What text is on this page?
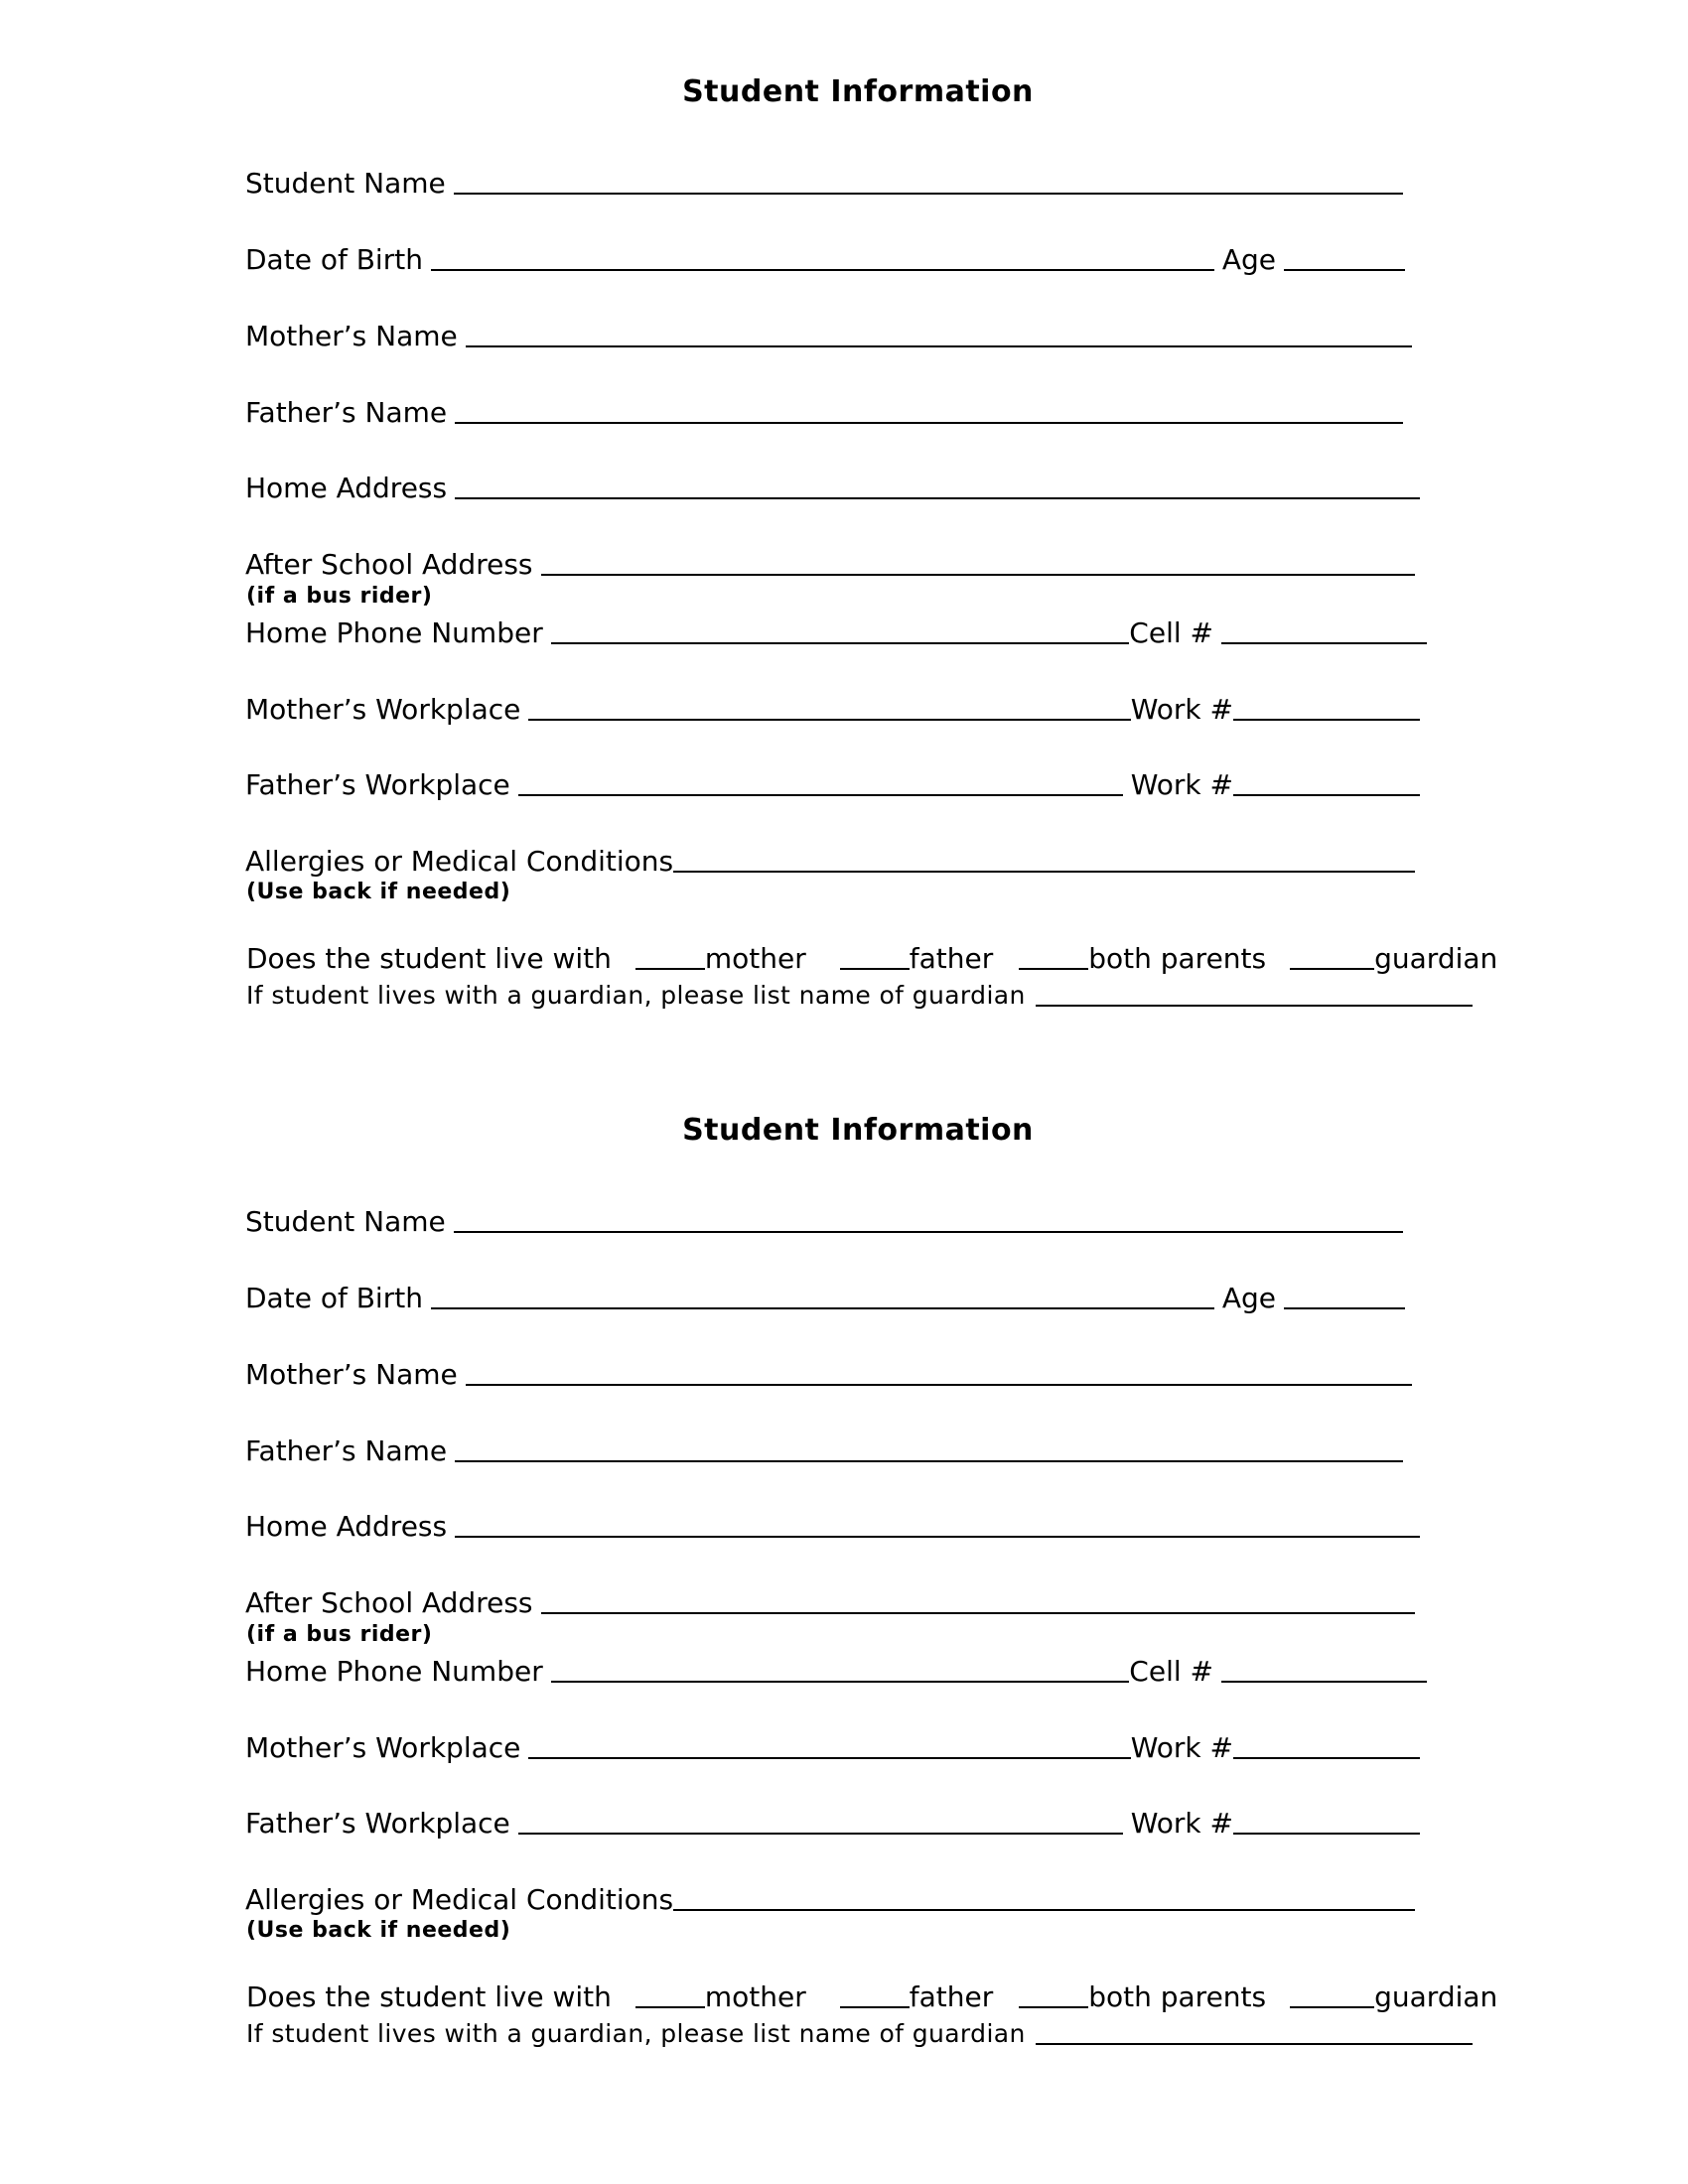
Student Information
Student Name
Date of Birth	Age
Mother’s Name
Father’s Name
Home Address
After School Address
(if a bus rider)
Home Phone Number	Cell #
Mother’s Workplace	Work #
Father’s Workplace	Work #
Allergies or Medical Conditions
(Use back if needed)
Does the student live with	mother	father	both parents	guardian
If student lives with a guardian, please list name of guardian
Student Information
Student Name
Date of Birth	Age
Mother’s Name
Father’s Name
Home Address
After School Address
(if a bus rider)
Home Phone Number	Cell #
Mother’s Workplace	Work #
Father’s Workplace	Work #
Allergies or Medical Conditions
(Use back if needed)
Does the student live with	mother	father	both parents	guardian
If student lives with a guardian, please list name of guardian
